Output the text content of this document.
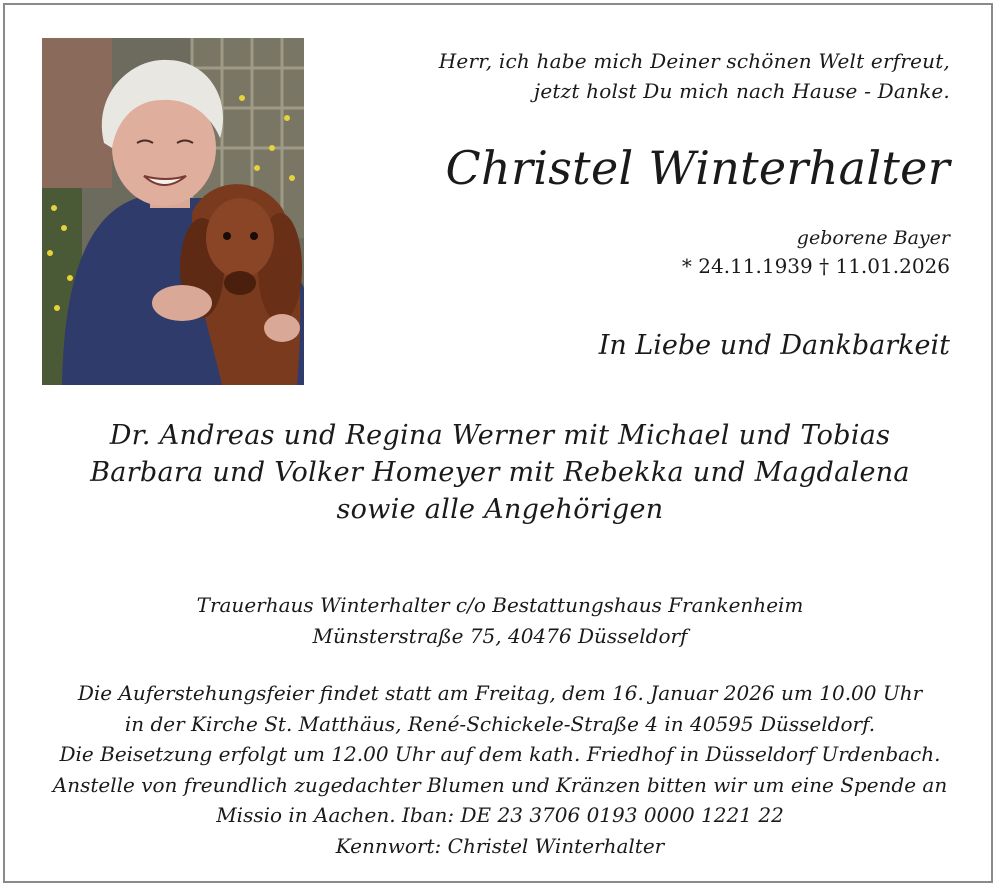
Herr, ich habe mich Deiner schönen Welt erfreut,
jetzt holst Du mich nach Hause - Danke.
Christel Winterhalter
geborene Bayer
* 24.11.1939 † 11.01.2026
In Liebe und Dankbarkeit
Dr. Andreas und Regina Werner mit Michael und Tobias
Barbara und Volker Homeyer mit Rebekka und Magdalena
sowie alle Angehörigen
Trauerhaus Winterhalter c/o Bestattungshaus Frankenheim
Münsterstraße 75, 40476 Düsseldorf
Die Auferstehungsfeier findet statt am Freitag, dem 16. Januar 2026 um 10.00 Uhr
in der Kirche St. Matthäus, René-Schickele-Straße 4 in 40595 Düsseldorf.
Die Beisetzung erfolgt um 12.00 Uhr auf dem kath. Friedhof in Düsseldorf Urdenbach.
Anstelle von freundlich zugedachter Blumen und Kränzen bitten wir um eine Spende an
Missio in Aachen. Iban: DE 23 3706 0193 0000 1221 22
Kennwort: Christel Winterhalter
